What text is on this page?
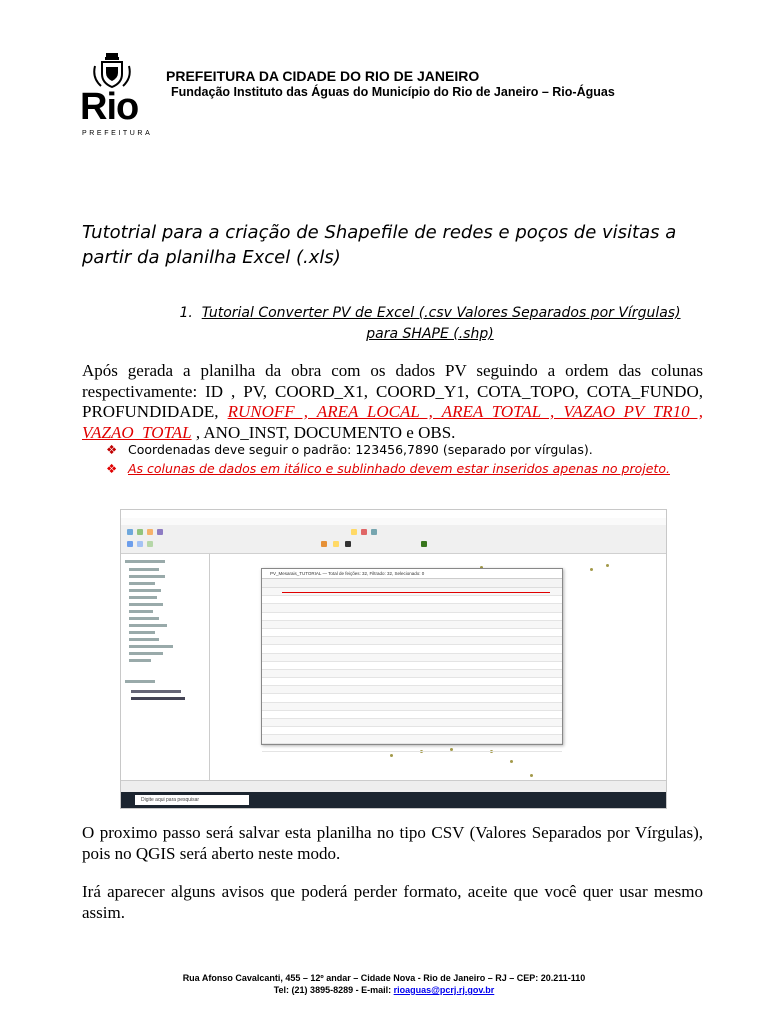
Rio
PREFEITURA
PREFEITURA DA CIDADE DO RIO DE JANEIRO
Fundação Instituto das Águas do Município do Rio de Janeiro – Rio-Águas
Tutotrial para a criação de Shapefile de redes e poços de visitas a partir da planilha Excel (.xls)
1. Tutorial Converter PV de Excel (.csv Valores Separados por Vírgulas)
para SHAPE (.shp)
Após gerada a planilha da obra com os dados PV seguindo a ordem das colunas respectivamente: ID , PV, COORD_X1, COORD_Y1, COTA_TOPO, COTA_FUNDO, PROFUNDIDADE, RUNOFF , AREA_LOCAL , AREA_TOTAL , VAZAO_PV_TR10 , VAZAO_TOTAL , ANO_INST, DOCUMENTO e OBS.
❖ Coordenadas deve seguir o padrão: 123456,7890 (separado por vírgulas).
❖ As colunas de dados em itálico e sublinhado devem estar inseridos apenas no projeto.
PV_Mesarais_TUTORIAL — Total de feições: 32, Filtrado: 32, Selecionado: 0
Digite aqui para pesquisar
O proximo passo será salvar esta planilha no tipo CSV (Valores Separados por Vírgulas), pois no QGIS será aberto neste modo.
Irá aparecer alguns avisos que poderá perder formato, aceite que você quer usar mesmo assim.
Rua Afonso Cavalcanti, 455 – 12º andar – Cidade Nova - Rio de Janeiro – RJ – CEP: 20.211-110
Tel: (21) 3895-8289 - E-mail: rioaguas@pcrj.rj.gov.br
